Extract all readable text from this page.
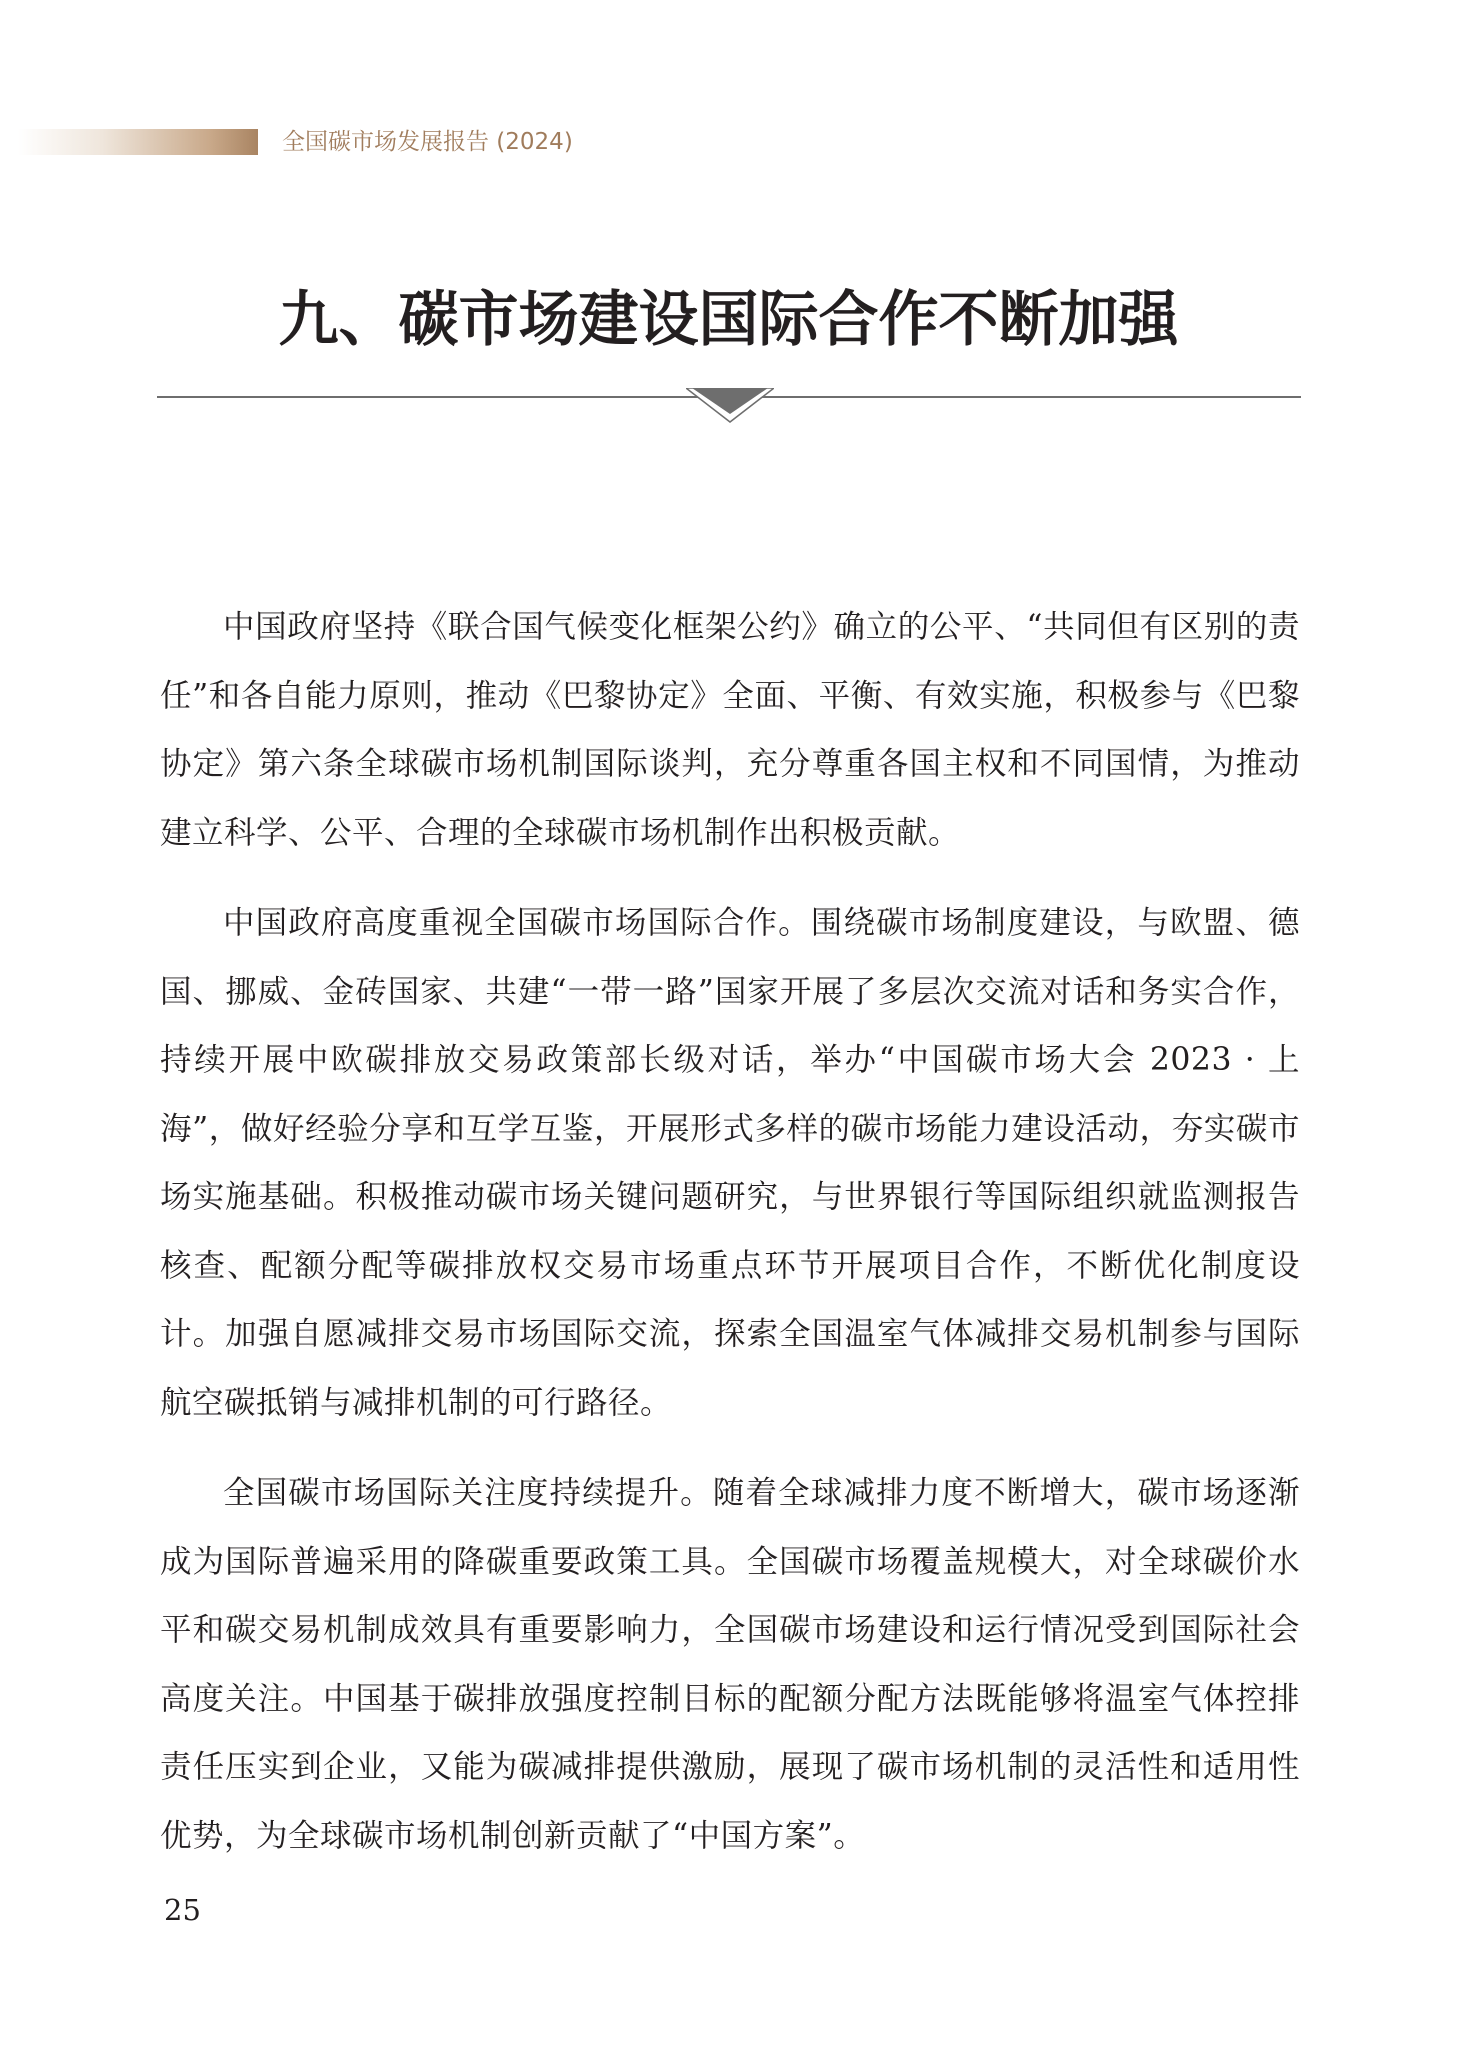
全国碳市场发展报告 (2024)
九、碳市场建设国际合作不断加强

中国政府坚持《联合国气候变化框架公约》确立的公平、“共同但有区别的责任”和各自能力原则，推动《巴黎协定》全面、平衡、有效实施，积极参与《巴黎协定》第六条全球碳市场机制国际谈判，充分尊重各国主权和不同国情，为推动建立科学、公平、合理的全球碳市场机制作出积极贡献。

中国政府高度重视全国碳市场国际合作。围绕碳市场制度建设，与欧盟、德国、挪威、金砖国家、共建“一带一路”国家开展了多层次交流对话和务实合作，持续开展中欧碳排放交易政策部长级对话，举办“中国碳市场大会 2023 · 上海”，做好经验分享和互学互鉴，开展形式多样的碳市场能力建设活动，夯实碳市场实施基础。积极推动碳市场关键问题研究，与世界银行等国际组织就监测报告核查、配额分配等碳排放权交易市场重点环节开展项目合作，不断优化制度设计。加强自愿减排交易市场国际交流，探索全国温室气体减排交易机制参与国际航空碳抵销与减排机制的可行路径。

全国碳市场国际关注度持续提升。随着全球减排力度不断增大，碳市场逐渐成为国际普遍采用的降碳重要政策工具。全国碳市场覆盖规模大，对全球碳价水平和碳交易机制成效具有重要影响力，全国碳市场建设和运行情况受到国际社会高度关注。中国基于碳排放强度控制目标的配额分配方法既能够将温室气体控排责任压实到企业，又能为碳减排提供激励，展现了碳市场机制的灵活性和适用性优势，为全球碳市场机制创新贡献了“中国方案”。

25
